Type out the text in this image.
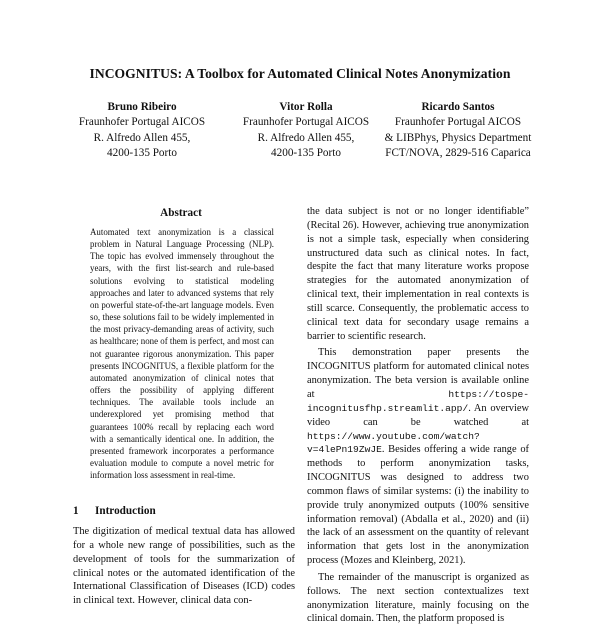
INCOGNITUS: A Toolbox for Automated Clinical Notes Anonymization
Bruno Ribeiro
Fraunhofer Portugal AICOS
R. Alfredo Allen 455,
4200-135 Porto
Vitor Rolla
Fraunhofer Portugal AICOS
R. Alfredo Allen 455,
4200-135 Porto
Ricardo Santos
Fraunhofer Portugal AICOS
& LIBPhys, Physics Department
FCT/NOVA, 2829-516 Caparica
Abstract

Automated text anonymization is a classical problem in Natural Language Processing (NLP). The topic has evolved immensely throughout the years, with the first list-search and rule-based solutions evolving to statistical modeling approaches and later to advanced systems that rely on powerful state-of-the-art language models. Even so, these solutions fail to be widely implemented in the most privacy-demanding areas of activity, such as healthcare; none of them is perfect, and most can not guarantee rigorous anonymization. This paper presents INCOGNITUS, a flexible platform for the automated anonymization of clinical notes that offers the possibility of applying different techniques. The available tools include an underexplored yet promising method that guarantees 100% recall by replacing each word with a semantically identical one. In addition, the presented framework incorporates a performance evaluation module to compute a novel metric for information loss assessment in real-time.

1 Introduction

The digitization of medical textual data has allowed for a whole new range of possibilities, such as the development of tools for the summarization of clinical notes or the automated identification of the International Classification of Diseases (ICD) codes in clinical text. However, clinical data con-

the data subject is not or no longer identifiable” (Recital 26). However, achieving true anonymization is not a simple task, especially when considering unstructured data such as clinical notes. In fact, despite the fact that many literature works propose strategies for the automated anonymization of clinical text, their implementation in real contexts is still scarce. Consequently, the problematic access to clinical text data for secondary usage remains a barrier to scientific research.

This demonstration paper presents the INCOGNITUS platform for automated clinical notes anonymization. The beta version is available online at https://tospe-incognitusfhp.streamlit.app/. An overview video can be watched at https://www.youtube.com/watch?v=4lePn19ZwJE. Besides offering a wide range of methods to perform anonymization tasks, INCOGNITUS was designed to address two common flaws of similar systems: (i) the inability to provide truly anonymized outputs (100% sensitive information removal) (Abdalla et al., 2020) and (ii) the lack of an assessment on the quantity of relevant information that gets lost in the anonymization process (Mozes and Kleinberg, 2021).

The remainder of the manuscript is organized as follows. The next section contextualizes text anonymization literature, mainly focusing on the clinical domain. Then, the platform proposed is
